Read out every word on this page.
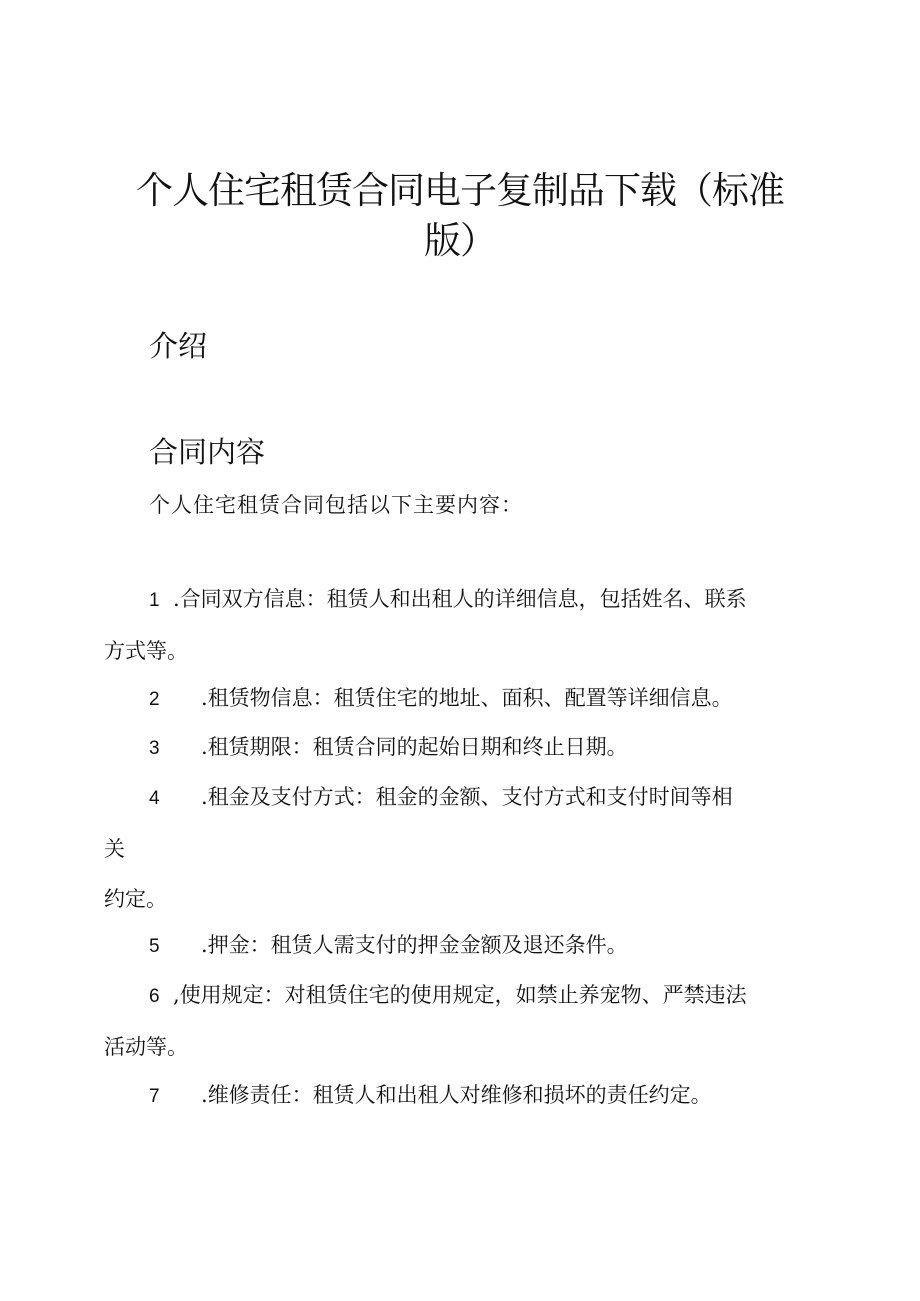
个人住宅租赁合同电子复制品下载（标准
版）
介绍
合同内容
个人住宅租赁合同包括以下主要内容：
1 .合同双方信息：租赁人和出租人的详细信息，包括姓名、联系
方式等。
2 .租赁物信息：租赁住宅的地址、面积、配置等详细信息。
3 .租赁期限：租赁合同的起始日期和终止日期。
4 .租金及支付方式：租金的金额、支付方式和支付时间等相
关
约定。
5 .押金：租赁人需支付的押金金额及退还条件。
6 ,使用规定：对租赁住宅的使用规定，如禁止养宠物、严禁违法
活动等。
7 .维修责任：租赁人和出租人对维修和损坏的责任约定。
